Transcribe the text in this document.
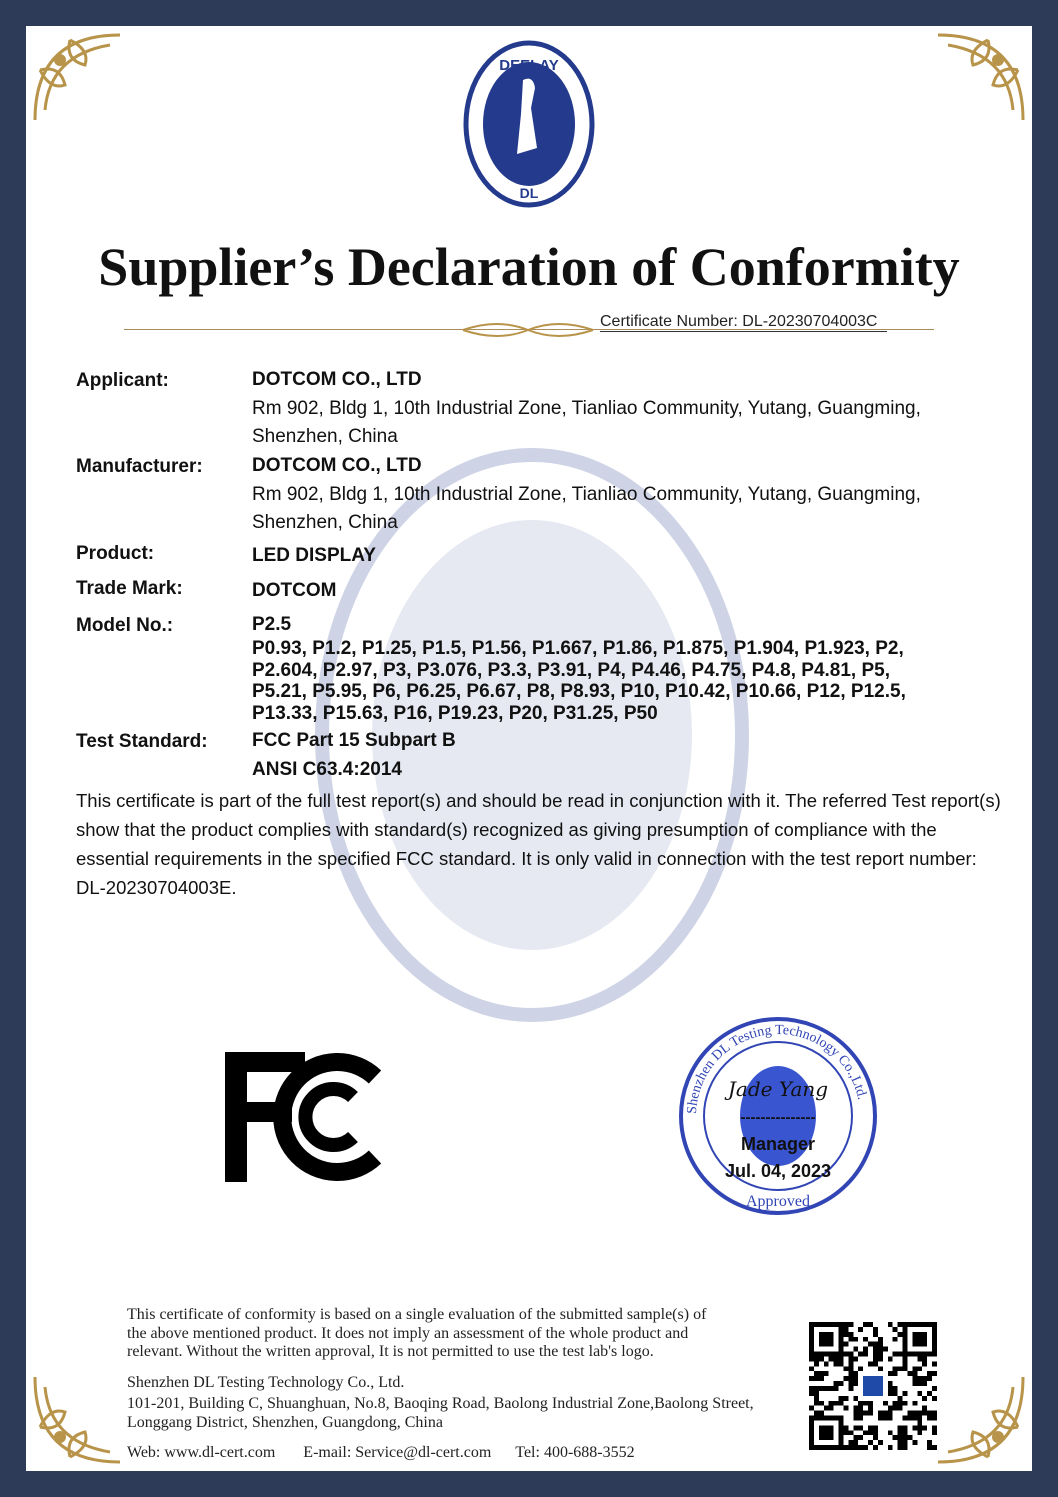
DEELAY
DL
Supplier’s Declaration of Conformity
Certificate Number: DL-20230704003C
Applicant:	DOTCOM CO., LTD
Rm 902, Bldg 1, 10th Industrial Zone, Tianliao Community, Yutang, Guangming,
Shenzhen, China
Manufacturer:	DOTCOM CO., LTD
Rm 902, Bldg 1, 10th Industrial Zone, Tianliao Community, Yutang, Guangming,
Shenzhen, China
Product:	LED DISPLAY
Trade Mark:	DOTCOM
Model No.:	P2.5
P0.93, P1.2, P1.25, P1.5, P1.56, P1.667, P1.86, P1.875, P1.904, P1.923, P2,
P2.604, P2.97, P3, P3.076, P3.3, P3.91, P4, P4.46, P4.75, P4.8, P4.81, P5,
P5.21, P5.95, P6, P6.25, P6.67, P8, P8.93, P10, P10.42, P10.66, P12, P12.5,
P13.33, P15.63, P16, P19.23, P20, P31.25, P50
Test Standard: FCC Part 15 Subpart B
ANSI C63.4:2014
This certificate is part of the full test report(s) and should be read in conjunction with it. The referred Test report(s) show that the product complies with standard(s) recognized as giving presumption of compliance with the essential requirements in the specified FCC standard. It is only valid in connection with the test report number: DL-20230704003E.
Shenzhen DL Testing Technology Co.,Ltd.
Jade Yang
---------------
Manager
Jul. 04, 2023
Approved

This certificate of conformity is based on a single evaluation of the submitted sample(s) of

the above mentioned product. It does not imply an assessment of the whole product and

relevant. Without the written approval, It is not permitted to use the test lab's logo.

Shenzhen DL Testing Technology Co., Ltd.

101-201, Building C, Shuanghuan, No.8, Baoqing Road, Baolong Industrial Zone,Baolong Street,

Longgang District, Shenzhen, Guangdong, China

Web: www.dl-cert.com E-mail: Service@dl-cert.com Tel: 400-688-3552
